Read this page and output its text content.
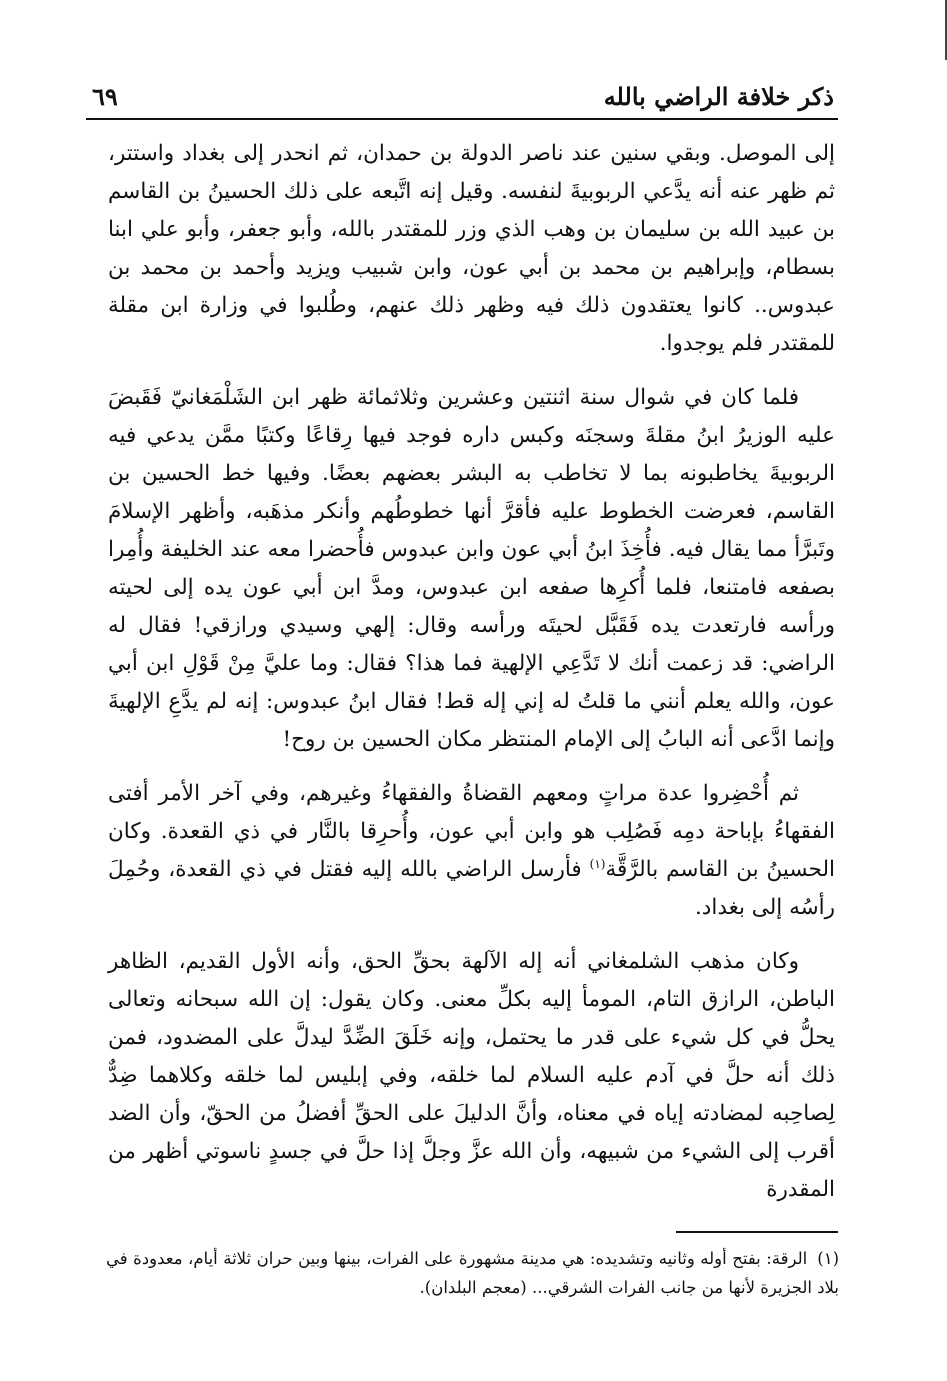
ذكر خلافة الراضي بالله
٦٩

إلى الموصل. وبقي سنين عند ناصر الدولة بن حمدان، ثم انحدر إلى بغداد واستتر، ثم ظهر عنه أنه يدَّعي الربوبيةَ لنفسه. وقيل إنه اتَّبعه على ذلك الحسينُ بن القاسم بن عبيد الله بن سليمان بن وهب الذي وزر للمقتدر بالله، وأبو جعفر، وأبو علي ابنا بسطام، وإبراهيم بن محمد بن أبي عون، وابن شبيب ويزيد وأحمد بن محمد بن عبدوس.. كانوا يعتقدون ذلك فيه وظهر ذلك عنهم، وطُلبوا في وزارة ابن مقلة للمقتدر فلم يوجدوا.

فلما كان في شوال سنة اثنتين وعشرين وثلاثمائة ظهر ابن الشَلْمَغانيّ فَقَبضَ عليه الوزيرُ ابنُ مقلةَ وسجنَه وكبس داره فوجد فيها رِقاعًا وكتبًا ممَّن يدعي فيه الربوبيةَ يخاطبونه بما لا تخاطب به البشر بعضهم بعضًا. وفيها خط الحسين بن القاسم، فعرضت الخطوط عليه فأقرَّ أنها خطوطُهم وأنكر مذهَبه، وأظهر الإسلامَ وتَبرَّأ مما يقال فيه. فأُخِذَ ابنُ أبي عون وابن عبدوس فأُحضرا معه عند الخليفة وأُمِرا بصفعه فامتنعا، فلما أُكرِها صفعه ابن عبدوس، ومدَّ ابن أبي عون يده إلى لحيته ورأسه فارتعدت يده فَقَبَّل لحيتَه ورأسه وقال: إلهي وسيدي ورازقي! فقال له الراضي: قد زعمت أنك لا تَدَّعِي الإلهية فما هذا؟ فقال: وما عليَّ مِنْ قَوْلِ ابن أبي عون، والله يعلم أنني ما قلتُ له إني إله قط! فقال ابنُ عبدوس: إنه لم يدَّعِ الإلهيةَ وإنما ادَّعى أنه البابُ إلى الإمام المنتظر مكان الحسين بن روح!

ثم أُحْضِروا عدة مراتٍ ومعهم القضاةُ والفقهاءُ وغيرهم، وفي آخر الأمر أفتى الفقهاءُ بإباحة دمِه فَصُلِب هو وابن أبي عون، وأُحرِقا بالنَّار في ذي القعدة. وكان الحسينُ بن القاسم بالرَّقَّة$^{(١)}$ فأرسل الراضي بالله إليه فقتل في ذي القعدة، وحُمِلَ رأسُه إلى بغداد.

وكان مذهب الشلمغاني أنه إله الآلهة بحقِّ الحق، وأنه الأول القديم، الظاهر الباطن، الرازق التام، المومأ إليه بكلِّ معنى. وكان يقول: إن الله سبحانه وتعالى يحلُّ في كل شيء على قدر ما يحتمل، وإنه خَلَقَ الضِّدَّ ليدلَّ على المضدود، فمن ذلك أنه حلَّ في آدم عليه السلام لما خلقه، وفي إبليس لما خلقه وكلاهما ضِدٌّ لِصاحِبه لمضادته إياه في معناه، وأنَّ الدليلَ على الحقِّ أفضلُ من الحقّ، وأن الضد أقرب إلى الشيء من شبيهه، وأن الله عزَّ وجلَّ إذا حلَّ في جسدٍ ناسوتي أظهر من المقدرة

(١)الرقة: بفتح أوله وثانيه وتشديده: هي مدينة مشهورة على الفرات، بينها وبين حران ثلاثة أيام، معدودة في بلاد الجزيرة لأنها من جانب الفرات الشرقي... (معجم البلدان).
